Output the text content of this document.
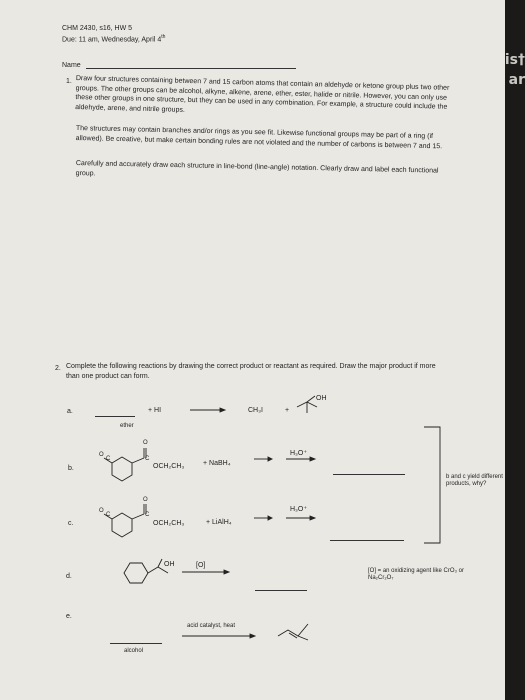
CHM 2430, s16, HW 5
Due: 11 am, Wednesday, April 4th
Name
1. Draw four structures containing between 7 and 15 carbon atoms that contain an aldehyde or ketone group plus two other groups. The other groups can be alcohol, alkyne, alkene, arene, ether, ester, halide or nitrile. However, you can only use these other groups in one structure, but they can be used in any combination. For example, a structure could include the aldehyde, arene, and nitrile groups.
The structures may contain branches and/or rings as you see fit. Likewise functional groups may be part of a ring (if allowed). Be creative, but make certain bonding rules are not violated and the number of carbons is between 7 and 15.
Carefully and accurately draw each structure in line-bond (line-angle) notation. Clearly draw and label each functional group.
2. Complete the following reactions by drawing the correct product or reactant as required. Draw the major product if more than one product can form.
a.	+ HI
ether
CH₃I	+
OH
b.
O
C
O
C
OCH₂CH₃	+ NaBH₄
H₃O⁺
b and c yield different products, why?
c.
O
C
O
C
OCH₂CH₃	+ LiAlH₄
H₃O⁺
d.
OH	[O]
[O] = an oxidizing agent like CrO₃ or Na₂Cr₂O₇
e.
acid catalyst, heat
alcohol
is† ar
